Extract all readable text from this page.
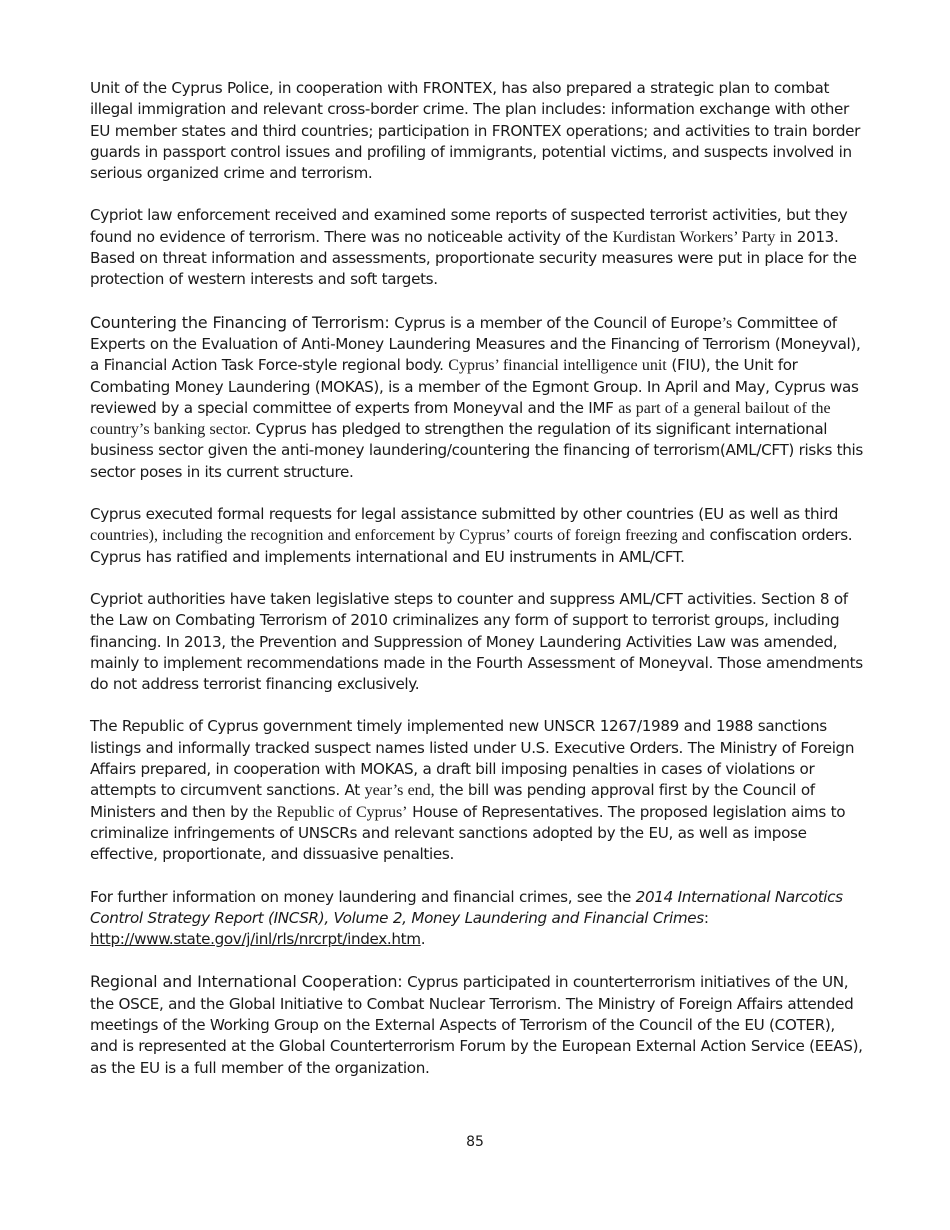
Unit of the Cyprus Police, in cooperation with FRONTEX, has also prepared a strategic plan to combat illegal immigration and relevant cross-border crime. The plan includes: information exchange with other EU member states and third countries; participation in FRONTEX operations; and activities to train border guards in passport control issues and profiling of immigrants, potential victims, and suspects involved in serious organized crime and terrorism.

Cypriot law enforcement received and examined some reports of suspected terrorist activities, but they found no evidence of terrorism. There was no noticeable activity of the Kurdistan Workers’ Party in 2013. Based on threat information and assessments, proportionate security measures were put in place for the protection of western interests and soft targets.

Countering the Financing of Terrorism: Cyprus is a member of the Council of Europe’s Committee of Experts on the Evaluation of Anti-Money Laundering Measures and the Financing of Terrorism (Moneyval), a Financial Action Task Force-style regional body. Cyprus’ financial intelligence unit (FIU), the Unit for Combating Money Laundering (MOKAS), is a member of the Egmont Group. In April and May, Cyprus was reviewed by a special committee of experts from Moneyval and the IMF as part of a general bailout of the country’s banking sector. Cyprus has pledged to strengthen the regulation of its significant international business sector given the anti-money laundering/countering the financing of terrorism(AML/CFT) risks this sector poses in its current structure.

Cyprus executed formal requests for legal assistance submitted by other countries (EU as well as third countries), including the recognition and enforcement by Cyprus’ courts of foreign freezing and confiscation orders. Cyprus has ratified and implements international and EU instruments in AML/CFT.

Cypriot authorities have taken legislative steps to counter and suppress AML/CFT activities. Section 8 of the Law on Combating Terrorism of 2010 criminalizes any form of support to terrorist groups, including financing. In 2013, the Prevention and Suppression of Money Laundering Activities Law was amended, mainly to implement recommendations made in the Fourth Assessment of Moneyval. Those amendments do not address terrorist financing exclusively.

The Republic of Cyprus government timely implemented new UNSCR 1267/1989 and 1988 sanctions listings and informally tracked suspect names listed under U.S. Executive Orders. The Ministry of Foreign Affairs prepared, in cooperation with MOKAS, a draft bill imposing penalties in cases of violations or attempts to circumvent sanctions. At year’s end, the bill was pending approval first by the Council of Ministers and then by the Republic of Cyprus’ House of Representatives. The proposed legislation aims to criminalize infringements of UNSCRs and relevant sanctions adopted by the EU, as well as impose effective, proportionate, and dissuasive penalties.

For further information on money laundering and financial crimes, see the 2014 International Narcotics Control Strategy Report (INCSR), Volume 2, Money Laundering and Financial Crimes: http://www.state.gov/j/inl/rls/nrcrpt/index.htm.

Regional and International Cooperation: Cyprus participated in counterterrorism initiatives of the UN, the OSCE, and the Global Initiative to Combat Nuclear Terrorism. The Ministry of Foreign Affairs attended meetings of the Working Group on the External Aspects of Terrorism of the Council of the EU (COTER), and is represented at the Global Counterterrorism Forum by the European External Action Service (EEAS), as the EU is a full member of the organization.

85
